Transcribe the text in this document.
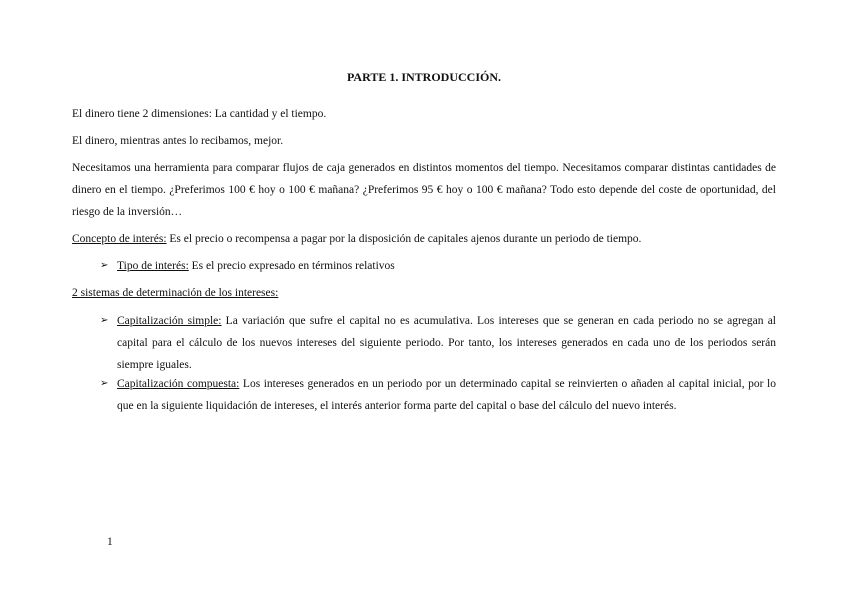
PARTE 1. INTRODUCCIÓN.
El dinero tiene 2 dimensiones: La cantidad y el tiempo.
El dinero, mientras antes lo recibamos, mejor.
Necesitamos una herramienta para comparar flujos de caja generados en distintos momentos del tiempo. Necesitamos comparar distintas cantidades de dinero en el tiempo. ¿Preferimos 100 € hoy o 100 € mañana? ¿Preferimos 95 € hoy o 100 € mañana? Todo esto depende del coste de oportunidad, del riesgo de la inversión…
Concepto de interés: Es el precio o recompensa a pagar por la disposición de capitales ajenos durante un periodo de tiempo.
➢ Tipo de interés: Es el precio expresado en términos relativos
2 sistemas de determinación de los intereses:
➢ Capitalización simple: La variación que sufre el capital no es acumulativa. Los intereses que se generan en cada periodo no se agregan al capital para el cálculo de los nuevos intereses del siguiente periodo. Por tanto, los intereses generados en cada uno de los periodos serán siempre iguales.
➢ Capitalización compuesta: Los intereses generados en un periodo por un determinado capital se reinvierten o añaden al capital inicial, por lo que en la siguiente liquidación de intereses, el interés anterior forma parte del capital o base del cálculo del nuevo interés.
1
